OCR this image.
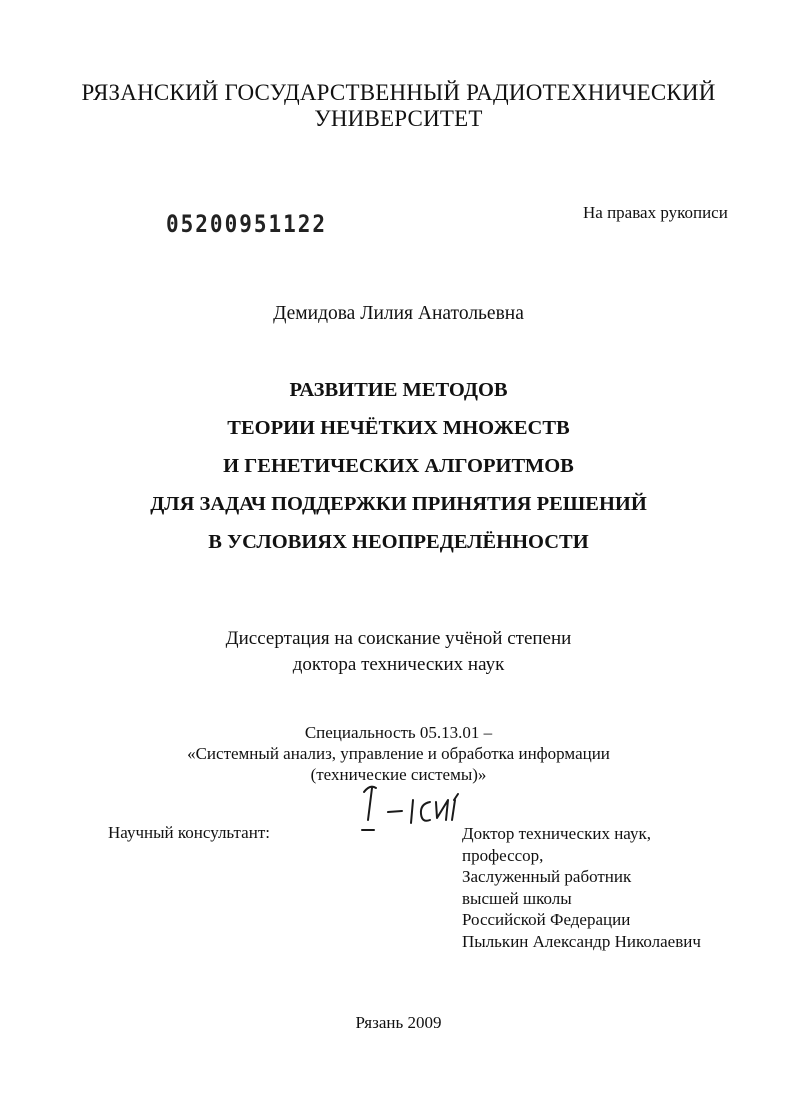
РЯЗАНСКИЙ ГОСУДАРСТВЕННЫЙ РАДИОТЕХНИЧЕСКИЙ
УНИВЕРСИТЕТ
05200951122	На правах рукописи
Демидова Лилия Анатольевна
РАЗВИТИЕ МЕТОДОВ
ТЕОРИИ НЕЧЁТКИХ МНОЖЕСТВ
И ГЕНЕТИЧЕСКИХ АЛГОРИТМОВ
ДЛЯ ЗАДАЧ ПОДДЕРЖКИ ПРИНЯТИЯ РЕШЕНИЙ
В УСЛОВИЯХ НЕОПРЕДЕЛЁННОСТИ
Диссертация на соискание учёной степени
доктора технических наук
Специальность 05.13.01 –
«Системный анализ, управление и обработка информации
(технические системы)»
Научный консультант:	Доктор технических наук,
профессор,
Заслуженный работник
высшей школы
Российской Федерации
Пылькин Александр Николаевич
Рязань 2009
